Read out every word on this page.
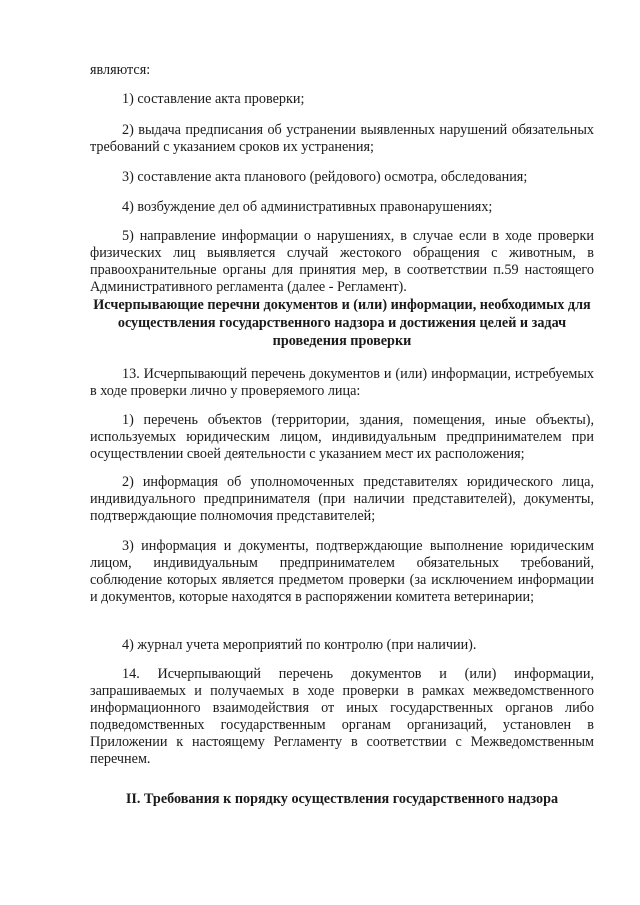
являются:

1) составление акта проверки;

2) выдача предписания об устранении выявленных нарушений обязательных требований с указанием сроков их устранения;

3) составление акта планового (рейдового) осмотра, обследования;

4) возбуждение дел об административных правонарушениях;

5) направление информации о нарушениях, в случае если в ходе проверки физических лиц выявляется случай жестокого обращения с животным, в правоохранительные органы для принятия мер, в соответствии п.59 настоящего Административного регламента (далее - Регламент).

Исчерпывающие перечни документов и (или) информации, необходимых для осуществления государственного надзора и достижения целей и задач проведения проверки

13. Исчерпывающий перечень документов и (или) информации, истребуемых в ходе проверки лично у проверяемого лица:

1) перечень объектов (территории, здания, помещения, иные объекты), используемых юридическим лицом, индивидуальным предпринимателем при осуществлении своей деятельности с указанием мест их расположения;

2) информация об уполномоченных представителях юридического лица, индивидуального предпринимателя (при наличии представителей), документы, подтверждающие полномочия представителей;

3) информация и документы, подтверждающие выполнение юридическим лицом, индивидуальным предпринимателем обязательных требований, соблюдение которых является предметом проверки (за исключением информации и документов, которые находятся в распоряжении комитета ветеринарии;

4) журнал учета мероприятий по контролю (при наличии).

14. Исчерпывающий перечень документов и (или) информации, запрашиваемых и получаемых в ходе проверки в рамках межведомственного информационного взаимодействия от иных государственных органов либо подведомственных государственным органам организаций, установлен в Приложении к настоящему Регламенту в соответствии с Межведомственным перечнем.

II. Требования к порядку осуществления государственного надзора
